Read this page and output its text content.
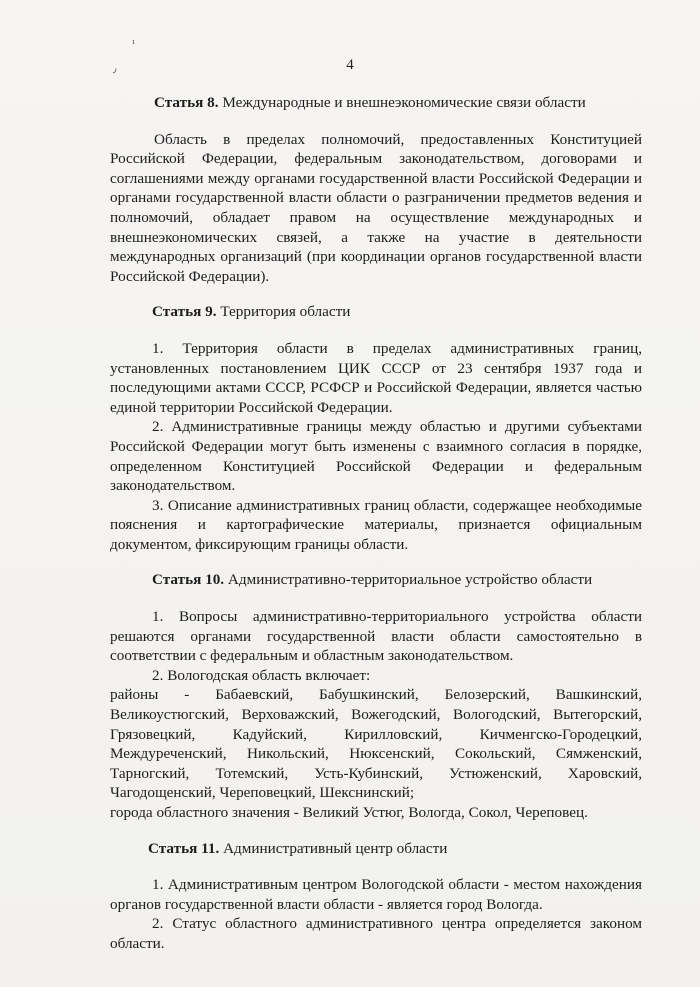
¹
٫	4
Статья 8. Международные и внешнеэкономические связи области

Область в пределах полномочий, предоставленных Конституцией Российской Федерации, федеральным законодательством, договорами и соглашениями между органами государственной власти Российской Федерации и органами государственной власти области о разграничении предметов ведения и полномочий, обладает правом на осуществление международных и внешнеэкономических связей, а также на участие в деятельности международных организаций (при координации органов государственной власти Российской Федерации).

Статья 9. Территория области

1. Территория области в пределах административных границ, установленных постановлением ЦИК СССР от 23 сентября 1937 года и последующими актами СССР, РСФСР и Российской Федерации, является частью единой территории Российской Федерации.

2. Административные границы между областью и другими субъектами Российской Федерации могут быть изменены с взаимного согласия в порядке, определенном Конституцией Российской Федерации и федеральным законодательством.

3. Описание административных границ области, содержащее необходимые пояснения и картографические материалы, признается официальным документом, фиксирующим границы области.

Статья 10. Административно-территориальное устройство области

1. Вопросы административно-территориального устройства области решаются органами государственной власти области самостоятельно в соответствии с федеральным и областным законодательством.

2. Вологодская область включает:

районы - Бабаевский, Бабушкинский, Белозерский, Вашкинский, Великоустюгский, Верховажский, Вожегодский, Вологодский, Вытегорский, Грязовецкий, Кадуйский, Кирилловский, Кичменгско-Городецкий, Междуреченский, Никольский, Нюксенский, Сокольский, Сямженский, Тарногский, Тотемский, Усть-Кубинский, Устюженский, Харовский, Чагодощенский, Череповецкий, Шекснинский;

города областного значения - Великий Устюг, Вологда, Сокол, Череповец.

Статья 11. Административный центр области

1. Административным центром Вологодской области - местом нахождения органов государственной власти области - является город Вологда.

2. Статус областного административного центра определяется законом области.
